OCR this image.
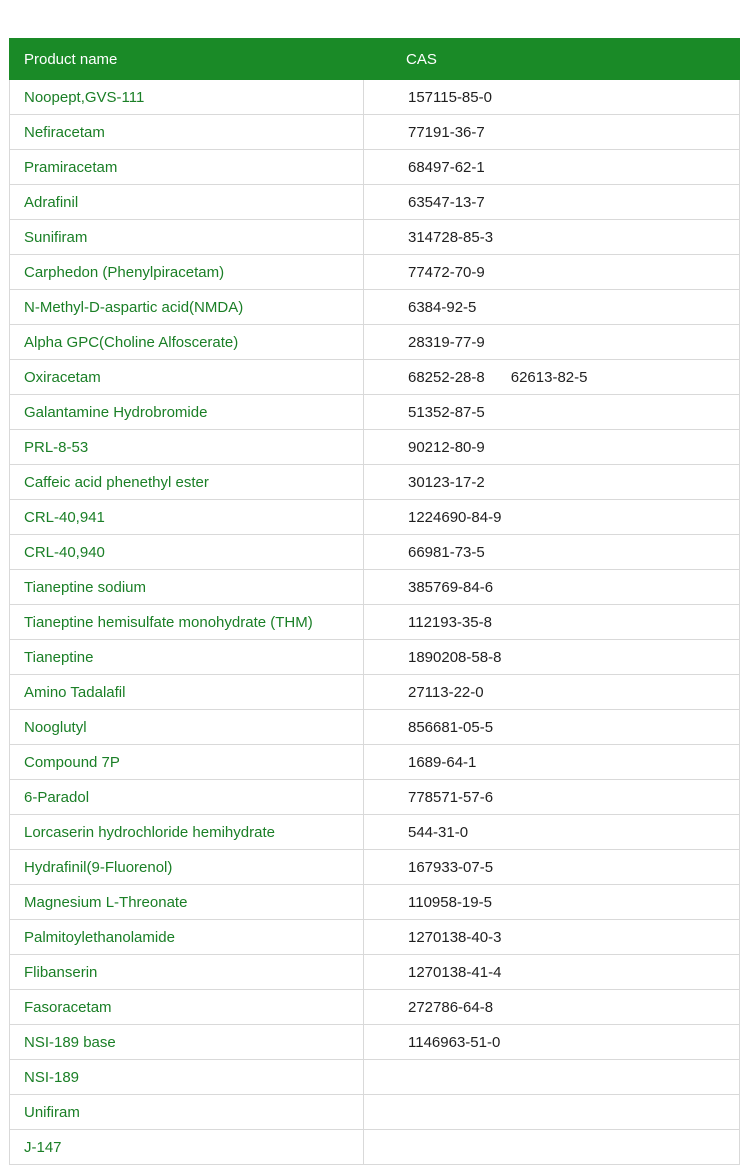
Product name	CAS
Noopept,GVS-111	157115-85-0
Nefiracetam	77191-36-7
Pramiracetam	68497-62-1
Adrafinil	63547-13-7
Sunifiram	314728-85-3
Carphedon (Phenylpiracetam)	77472-70-9
N-Methyl-D-aspartic acid(NMDA)	6384-92-5
Alpha GPC(Choline Alfoscerate)	28319-77-9
Oxiracetam	68252-28-8 62613-82-5
Galantamine Hydrobromide	51352-87-5
PRL-8-53	90212-80-9
Caffeic acid phenethyl ester	30123-17-2
CRL-40,941	1224690-84-9
CRL-40,940	66981-73-5
Tianeptine sodium	385769-84-6
Tianeptine hemisulfate monohydrate (THM)	112193-35-8
Tianeptine	1890208-58-8
Amino Tadalafil	27113-22-0
Nooglutyl	856681-05-5
Compound 7P	1689-64-1
6-Paradol	778571-57-6
Lorcaserin hydrochloride hemihydrate	544-31-0
Hydrafinil(9-Fluorenol)	167933-07-5
Magnesium L-Threonate	110958-19-5
Palmitoylethanolamide	1270138-40-3
Flibanserin	1270138-41-4
Fasoracetam	272786-64-8
NSI-189 base	1146963-51-0
NSI-189	
Unifiram	
J-147	
